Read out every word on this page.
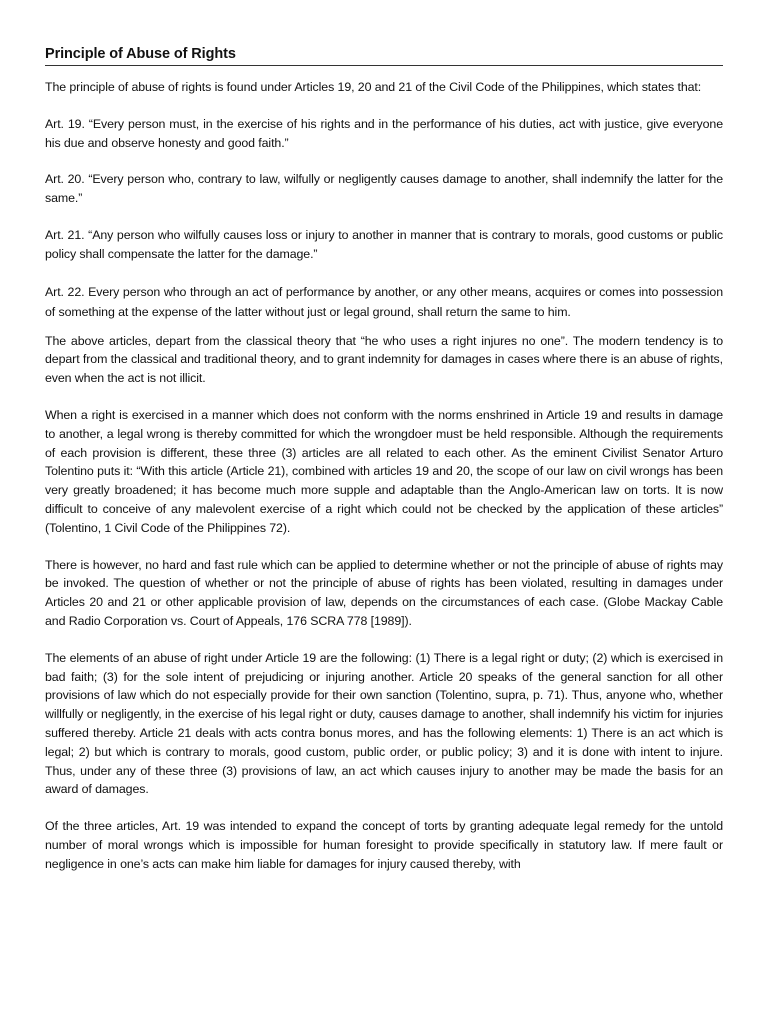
Principle of Abuse of Rights

The principle of abuse of rights is found under Articles 19, 20 and 21 of the Civil Code of the Philippines, which states that:

Art. 19. “Every person must, in the exercise of his rights and in the performance of his duties, act with justice, give everyone his due and observe honesty and good faith.”

Art. 20. “Every person who, contrary to law, wilfully or negligently causes damage to another, shall indemnify the latter for the same.”

Art. 21. “Any person who wilfully causes loss or injury to another in manner that is contrary to morals, good customs or public policy shall compensate the latter for the damage.”

Art. 22. Every person who through an act of performance by another, or any other means, acquires or comes into possession of something at the expense of the latter without just or legal ground, shall return the same to him.

The above articles, depart from the classical theory that “he who uses a right injures no one”. The modern tendency is to depart from the classical and traditional theory, and to grant indemnity for damages in cases where there is an abuse of rights, even when the act is not illicit.

When a right is exercised in a manner which does not conform with the norms enshrined in Article 19 and results in damage to another, a legal wrong is thereby committed for which the wrongdoer must be held responsible. Although the requirements of each provision is different, these three (3) articles are all related to each other. As the eminent Civilist Senator Arturo Tolentino puts it: “With this article (Article 21), combined with articles 19 and 20, the scope of our law on civil wrongs has been very greatly broadened; it has become much more supple and adaptable than the Anglo-American law on torts. It is now difficult to conceive of any malevolent exercise of a right which could not be checked by the application of these articles” (Tolentino, 1 Civil Code of the Philippines 72).

There is however, no hard and fast rule which can be applied to determine whether or not the principle of abuse of rights may be invoked. The question of whether or not the principle of abuse of rights has been violated, resulting in damages under Articles 20 and 21 or other applicable provision of law, depends on the circumstances of each case. (Globe Mackay Cable and Radio Corporation vs. Court of Appeals, 176 SCRA 778 [1989]).

The elements of an abuse of right under Article 19 are the following: (1) There is a legal right or duty; (2) which is exercised in bad faith; (3) for the sole intent of prejudicing or injuring another. Article 20 speaks of the general sanction for all other provisions of law which do not especially provide for their own sanction (Tolentino, supra, p. 71). Thus, anyone who, whether willfully or negligently, in the exercise of his legal right or duty, causes damage to another, shall indemnify his victim for injuries suffered thereby. Article 21 deals with acts contra bonus mores, and has the following elements: 1) There is an act which is legal; 2) but which is contrary to morals, good custom, public order, or public policy; 3) and it is done with intent to injure. Thus, under any of these three (3) provisions of law, an act which causes injury to another may be made the basis for an award of damages.

Of the three articles, Art. 19 was intended to expand the concept of torts by granting adequate legal remedy for the untold number of moral wrongs which is impossible for human foresight to provide specifically in statutory law. If mere fault or negligence in one’s acts can make him liable for damages for injury caused thereby, with
